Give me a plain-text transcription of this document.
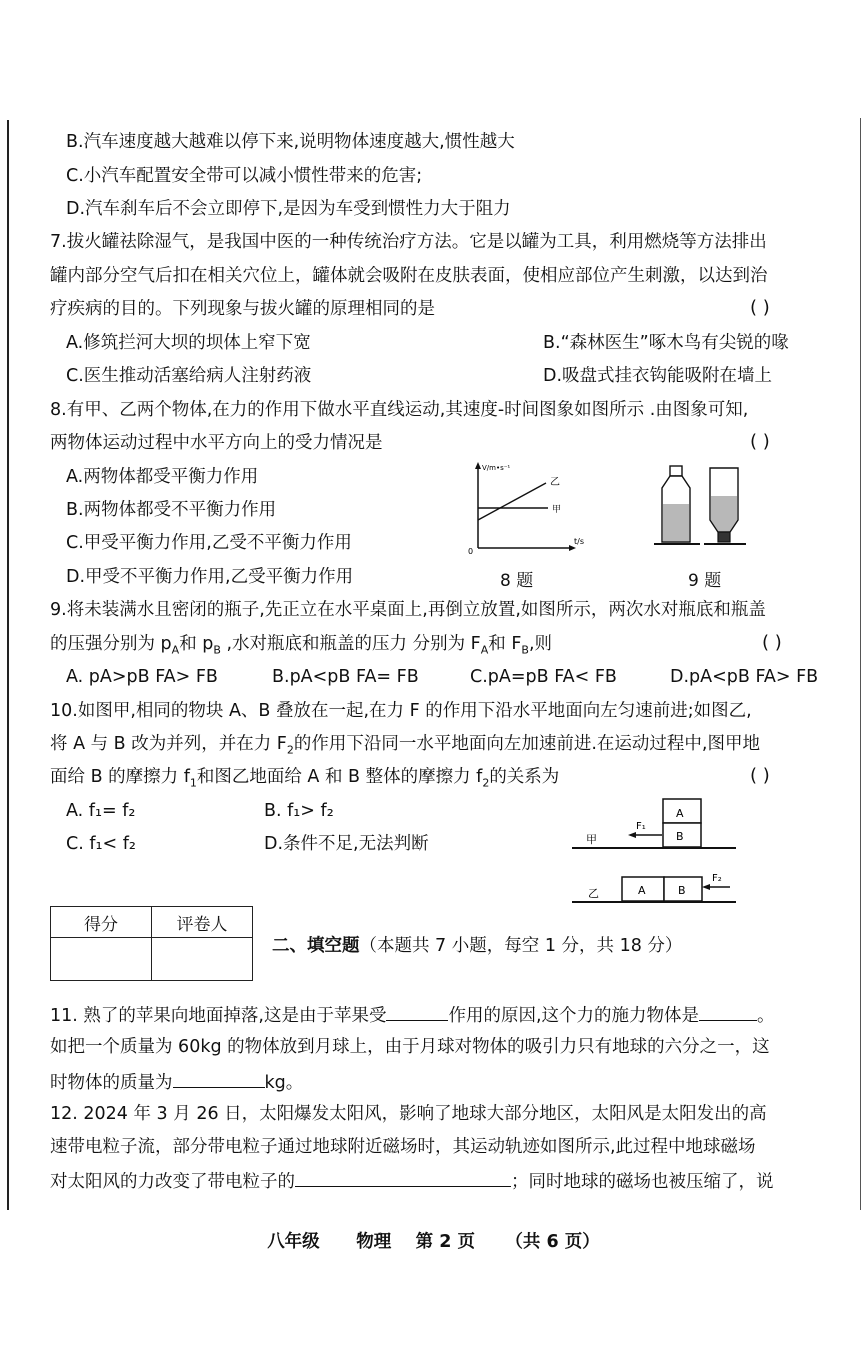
B.汽车速度越大越难以停下来,说明物体速度越大,惯性越大
C.小汽车配置安全带可以减小惯性带来的危害;
D.汽车刹车后不会立即停下,是因为车受到惯性力大于阻力
7.拔火罐祛除湿气，是我国中医的一种传统治疗方法。它是以罐为工具，利用燃烧等方法排出
罐内部分空气后扣在相关穴位上，罐体就会吸附在皮肤表面，使相应部位产生刺激，以达到治
疗疾病的目的。下列现象与拔火罐的原理相同的是	( )
A.修筑拦河大坝的坝体上窄下宽	B.“森林医生”啄木鸟有尖锐的喙
C.医生推动活塞给病人注射药液	D.吸盘式挂衣钩能吸附在墙上
8.有甲、乙两个物体,在力的作用下做水平直线运动,其速度-时间图象如图所示 .由图象可知,
两物体运动过程中水平方向上的受力情况是	( )
A.两物体都受平衡力作用
B.两物体都受不平衡力作用
C.甲受平衡力作用,乙受不平衡力作用
D.甲受不平衡力作用,乙受平衡力作用
V/m•s⁻¹
t/s
0
乙
甲
8 题	9 题
9.将未装满水且密闭的瓶子,先正立在水平桌面上,再倒立放置,如图所示，两次水对瓶底和瓶盖
的压强分别为 $p_A$和 $p_B$ ,水对瓶底和瓶盖的压力 分别为 $F_A$和 $F_B$,则	( )
A. pA>pB FA> FB	B.pA<pB FA= FB	C.pA=pB FA< FB	D.pA<pB FA> FB
10.如图甲,相同的物块 A、B 叠放在一起,在力 F 的作用下沿水平地面向左匀速前进;如图乙,
将 A 与 B 改为并列，并在力 $F_2$的作用下沿同一水平地面向左加速前进.在运动过程中,图甲地
面给 B 的摩擦力 $f_1$和图乙地面给 A 和 B 整体的摩擦力 $f_2$的关系为	( )
A. f₁= f₂	B. f₁> f₂
C. f₁< f₂	D.条件不足,无法判断
A
B
F₁
甲
A	B
F₂
乙
得分	评卷人

二、填空题（本题共 7 小题，每空 1 分，共 18 分）
11. 熟了的苹果向地面掉落,这是由于苹果受	作用的原因,这个力的施力物体是	。
如把一个质量为 60kg 的物体放到月球上，由于月球对物体的吸引力只有地球的六分之一，这
时物体的质量为	kg。
12. 2024 年 3 月 26 日，太阳爆发太阳风，影响了地球大部分地区，太阳风是太阳发出的高
速带电粒子流，部分带电粒子通过地球附近磁场时，其运动轨迹如图所示,此过程中地球磁场
对太阳风的力改变了带电粒子的	；同时地球的磁场也被压缩了，说
八年级      物理    第 2 页     （共 6 页）
